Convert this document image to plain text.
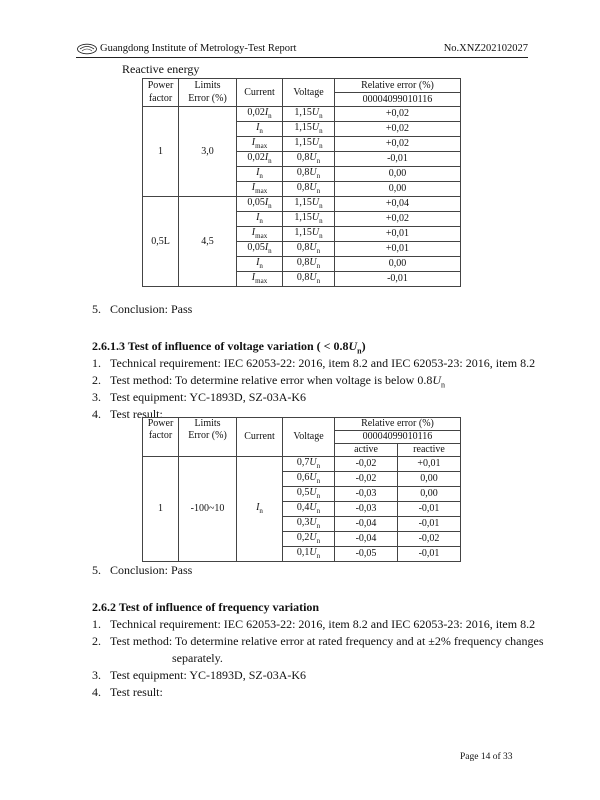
Guangdong Institute of Metrology-Test Report	No.XNZ202102027
Reactive energy
Power	Limits	Current	Voltage	Relative error (%)
factor	Error (%)			00004099010116
1	3,0	$0,02I_n$	$1,15U_n$	+0,02
		$I_n$	$1,15U_n$	+0,02
		$I_{max}$	$1,15U_n$	+0,02
		$0,02I_n$	$0,8U_n$	-0,01
		$I_n$	$0,8U_n$	0,00
		$I_{max}$	$0,8U_n$	0,00
0,5L	4,5	$0,05I_n$	$1,15U_n$	+0,04
		$I_n$	$1,15U_n$	+0,02
		$I_{max}$	$1,15U_n$	+0,01
		$0,05I_n$	$0,8U_n$	+0,01
		$I_n$	$0,8U_n$	0,00
		$I_{max}$	$0,8U_n$	-0,01
5. Conclusion: Pass
2.6.1.3 Test of influence of voltage variation ( < $0.8U_n$)
1. Technical requirement: IEC 62053-22: 2016, item 8.2 and IEC 62053-23: 2016, item 8.2
2. Test method: To determine relative error when voltage is below $0.8U_n$
3. Test equipment: YC-1893D, SZ-03A-K6
4. Test result:
Power	Limits	Current	Voltage	Relative error (%)	
factor	Error (%)			00004099010116	
				active	reactive
1	-100~10	$I_n$	$0,7U_n$	-0,02	+0,01
			$0,6U_n$	-0,02	0,00
			$0,5U_n$	-0,03	0,00
			$0,4U_n$	-0,03	-0,01
			$0,3U_n$	-0,04	-0,01
			$0,2U_n$	-0,04	-0,02
			$0,1U_n$	-0,05	-0,01
5. Conclusion: Pass
2.6.2 Test of influence of frequency variation
1. Technical requirement: IEC 62053-22: 2016, item 8.2 and IEC 62053-23: 2016, item 8.2
2. Test method: To determine relative error at rated frequency and at ±2% frequency changes
separately.
3. Test equipment: YC-1893D, SZ-03A-K6
4. Test result:
Page 14 of 33
